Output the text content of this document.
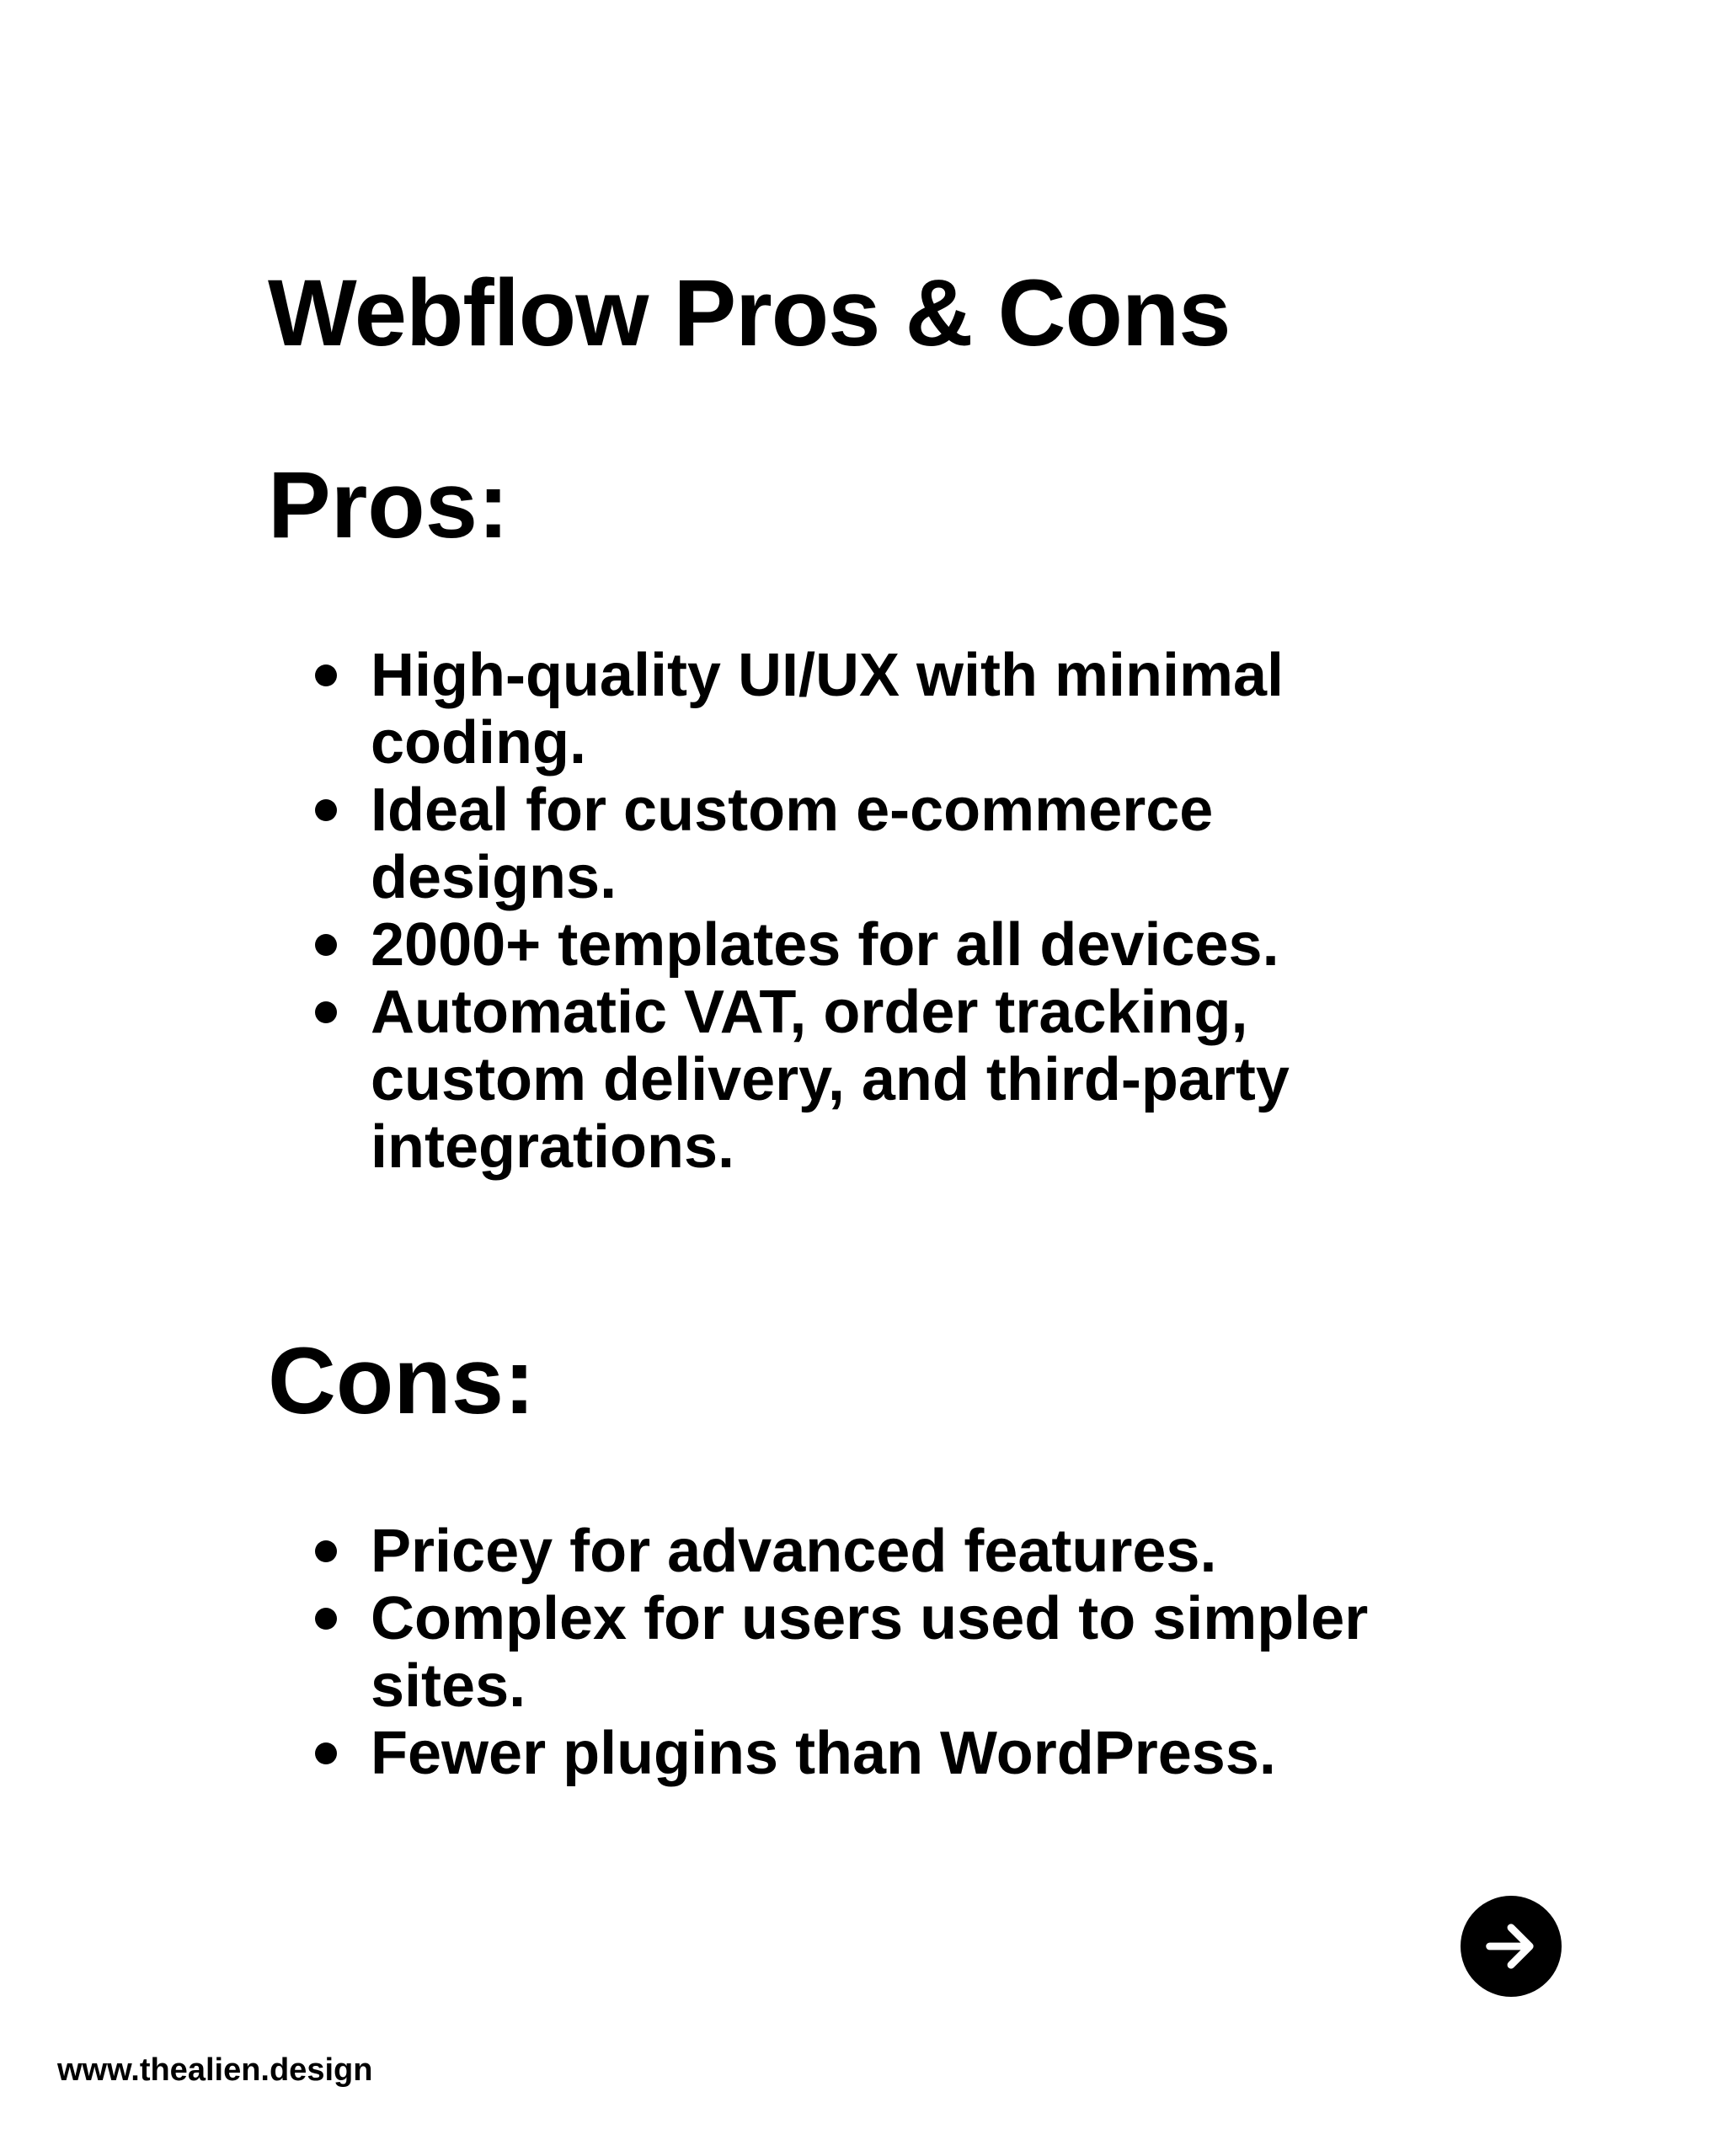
Webflow Pros & Cons
Pros:
High-quality UI/UX with minimal coding.
Ideal for custom e-commerce designs.
2000+ templates for all devices.
Automatic VAT, order tracking, custom delivery, and third-party integrations.
Cons:
Pricey for advanced features.
Complex for users used to simpler sites.
Fewer plugins than WordPress.
www.thealien.design
